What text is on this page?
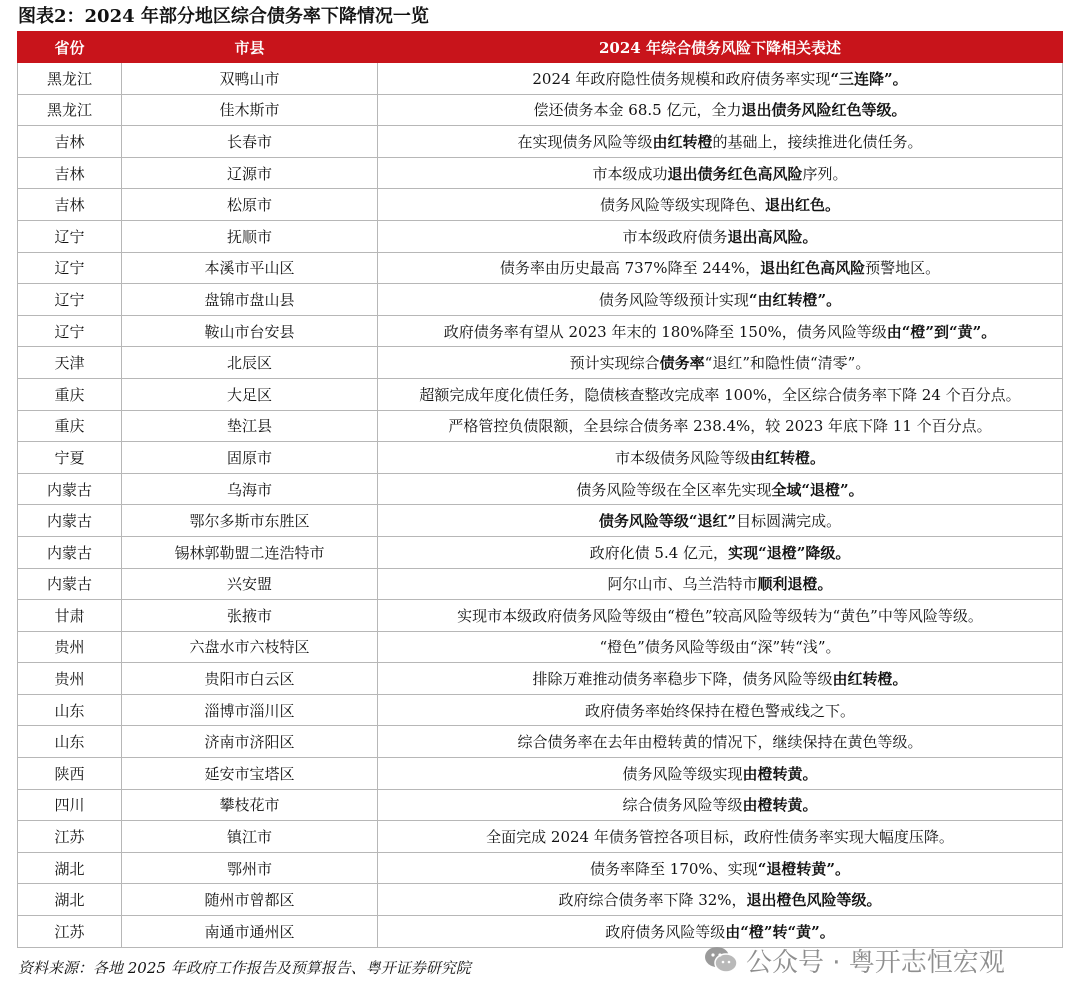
图表2：2024 年部分地区综合债务率下降情况一览
省份	市县	2024 年综合债务风险下降相关表述
黑龙江	双鸭山市	2024 年政府隐性债务规模和政府债务率实现“三连降”。
黑龙江	佳木斯市	偿还债务本金 68.5 亿元，全力退出债务风险红色等级。
吉林	长春市	在实现债务风险等级由红转橙的基础上，接续推进化债任务。
吉林	辽源市	市本级成功退出债务红色高风险序列。
吉林	松原市	债务风险等级实现降色、退出红色。
辽宁	抚顺市	市本级政府债务退出高风险。
辽宁	本溪市平山区	债务率由历史最高 737%降至 244%，退出红色高风险预警地区。
辽宁	盘锦市盘山县	债务风险等级预计实现“由红转橙”。
辽宁	鞍山市台安县	政府债务率有望从 2023 年末的 180%降至 150%，债务风险等级由“橙”到“黄”。
天津	北辰区	预计实现综合债务率“退红”和隐性债“清零”。
重庆	大足区	超额完成年度化债任务，隐债核查整改完成率 100%，全区综合债务率下降 24 个百分点。
重庆	垫江县	严格管控负债限额，全县综合债务率 238.4%，较 2023 年底下降 11 个百分点。
宁夏	固原市	市本级债务风险等级由红转橙。
内蒙古	乌海市	债务风险等级在全区率先实现全域“退橙”。
内蒙古	鄂尔多斯市东胜区	债务风险等级“退红”目标圆满完成。
内蒙古	锡林郭勒盟二连浩特市	政府化债 5.4 亿元，实现“退橙”降级。
内蒙古	兴安盟	阿尔山市、乌兰浩特市顺利退橙。
甘肃	张掖市	实现市本级政府债务风险等级由“橙色”较高风险等级转为“黄色”中等风险等级。
贵州	六盘水市六枝特区	“橙色”债务风险等级由“深”转“浅”。
贵州	贵阳市白云区	排除万难推动债务率稳步下降，债务风险等级由红转橙。
山东	淄博市淄川区	政府债务率始终保持在橙色警戒线之下。
山东	济南市济阳区	综合债务率在去年由橙转黄的情况下，继续保持在黄色等级。
陕西	延安市宝塔区	债务风险等级实现由橙转黄。
四川	攀枝花市	综合债务风险等级由橙转黄。
江苏	镇江市	全面完成 2024 年债务管控各项目标，政府性债务率实现大幅度压降。
湖北	鄂州市	债务率降至 170%、实现“退橙转黄”。
湖北	随州市曾都区	政府综合债务率下降 32%，退出橙色风险等级。
江苏	南通市通州区	政府债务风险等级由“橙”转“黄”。
资料来源：各地 2025 年政府工作报告及预算报告、粤开证券研究院	公众号 · 粤开志恒宏观
